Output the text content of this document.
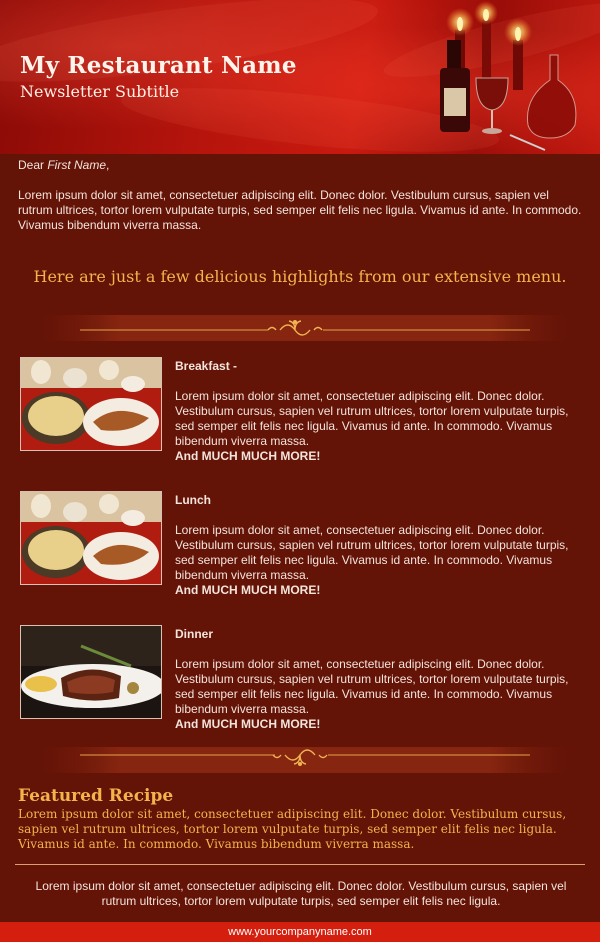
My Restaurant Name
Newsletter Subtitle
Dear First Name,
Lorem ipsum dolor sit amet, consectetuer adipiscing elit. Donec dolor. Vestibulum cursus, sapien vel rutrum ultrices, tortor lorem vulputate turpis, sed semper elit felis nec ligula. Vivamus id ante. In commodo. Vivamus bibendum viverra massa.
Here are just a few delicious highlights from our extensive menu.
Breakfast -
Lorem ipsum dolor sit amet, consectetuer adipiscing elit. Donec dolor. Vestibulum cursus, sapien vel rutrum ultrices, tortor lorem vulputate turpis, sed semper elit felis nec ligula. Vivamus id ante. In commodo. Vivamus bibendum viverra massa.
And MUCH MUCH MORE!
Lunch
Lorem ipsum dolor sit amet, consectetuer adipiscing elit. Donec dolor. Vestibulum cursus, sapien vel rutrum ultrices, tortor lorem vulputate turpis, sed semper elit felis nec ligula. Vivamus id ante. In commodo. Vivamus bibendum viverra massa.
And MUCH MUCH MORE!
Dinner
Lorem ipsum dolor sit amet, consectetuer adipiscing elit. Donec dolor. Vestibulum cursus, sapien vel rutrum ultrices, tortor lorem vulputate turpis, sed semper elit felis nec ligula. Vivamus id ante. In commodo. Vivamus bibendum viverra massa.
And MUCH MUCH MORE!
Featured Recipe
Lorem ipsum dolor sit amet, consectetuer adipiscing elit. Donec dolor. Vestibulum cursus, sapien vel rutrum ultrices, tortor lorem vulputate turpis, sed semper elit felis nec ligula. Vivamus id ante. In commodo. Vivamus bibendum viverra massa.
Lorem ipsum dolor sit amet, consectetuer adipiscing elit. Donec dolor. Vestibulum cursus, sapien vel rutrum ultrices, tortor lorem vulputate turpis, sed semper elit felis nec ligula.
www.yourcompanyname.com
